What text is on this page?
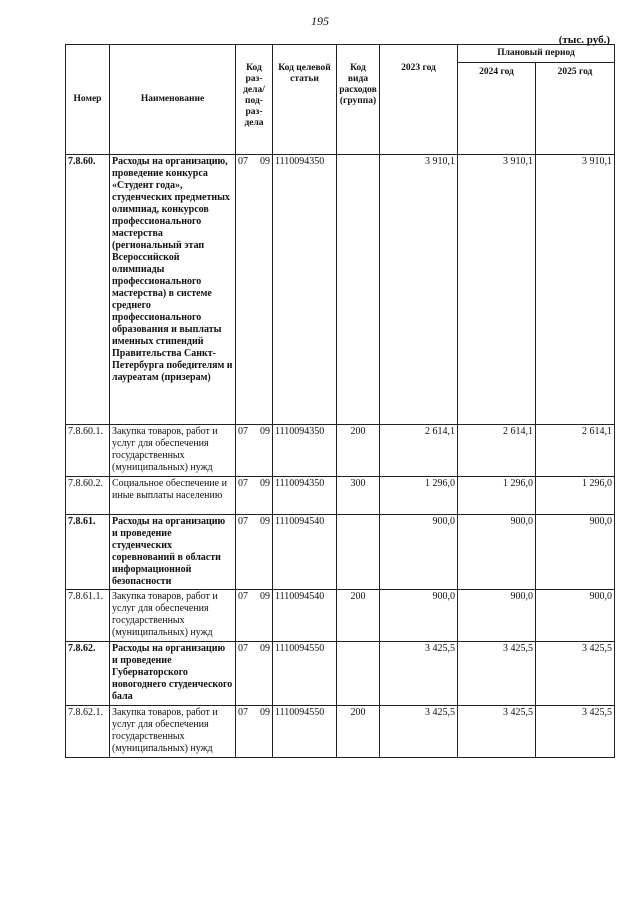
195
(тыс. руб.)
Номер	Наименование	Код раз-дела/ под-раз-дела	Код целевой статьи	Код вида расходов (группа)	2023 год	Плановый период	
						2024 год	2025 год
7.8.60.	Расходы на организацию, проведение конкурса «Студент года», студенческих предметных олимпиад, конкурсов профессионального мастерства (региональный этап Всероссийской олимпиады профессионального мастерства) в системе среднего профессионального образования и выплаты именных стипендий Правительства Санкт-Петербурга победителям и лауреатам (призерам)	07 09	1110094350		3 910,1	3 910,1	3 910,1
7.8.60.1.	Закупка товаров, работ и услуг для обеспечения государственных (муниципальных) нужд	07 09	1110094350	200	2 614,1	2 614,1	2 614,1
7.8.60.2.	Социальное обеспечение и иные выплаты населению	07 09	1110094350	300	1 296,0	1 296,0	1 296,0
7.8.61.	Расходы на организацию и проведение студенческих соревнований в области информационной безопасности	07 09	1110094540		900,0	900,0	900,0
7.8.61.1.	Закупка товаров, работ и услуг для обеспечения государственных (муниципальных) нужд	07 09	1110094540	200	900,0	900,0	900,0
7.8.62.	Расходы на организацию и проведение Губернаторского новогоднего студенческого бала	07 09	1110094550		3 425,5	3 425,5	3 425,5
7.8.62.1.	Закупка товаров, работ и услуг для обеспечения государственных (муниципальных) нужд	07 09	1110094550	200	3 425,5	3 425,5	3 425,5
